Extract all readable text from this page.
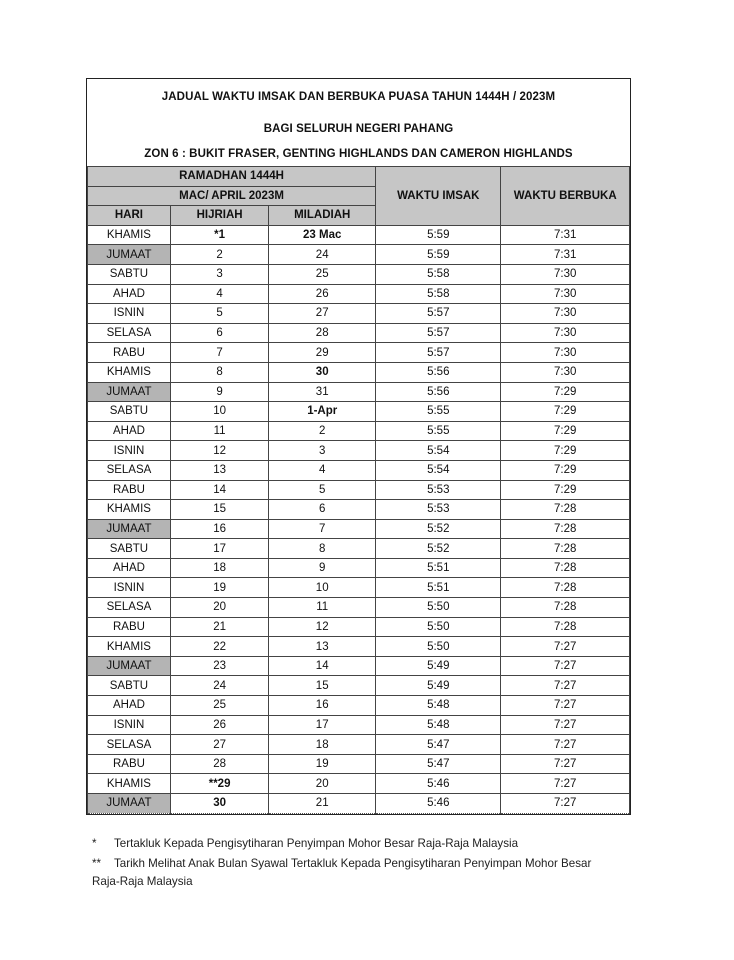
JADUAL WAKTU IMSAK DAN BERBUKA PUASA TAHUN 1444H / 2023M
BAGI SELURUH NEGERI PAHANG
ZON 6 : BUKIT FRASER, GENTING HIGHLANDS DAN CAMERON HIGHLANDS
RAMADHAN 1444H			WAKTU IMSAK	WAKTU BERBUKA
MAC/ APRIL 2023M				
HARI	HIJRIAH	MILADIAH		
KHAMIS	*1	23 Mac	5:59	7:31
JUMAAT	2	24	5:59	7:31
SABTU	3	25	5:58	7:30
AHAD	4	26	5:58	7:30
ISNIN	5	27	5:57	7:30
SELASA	6	28	5:57	7:30
RABU	7	29	5:57	7:30
KHAMIS	8	30	5:56	7:30
JUMAAT	9	31	5:56	7:29
SABTU	10	1-Apr	5:55	7:29
AHAD	11	2	5:55	7:29
ISNIN	12	3	5:54	7:29
SELASA	13	4	5:54	7:29
RABU	14	5	5:53	7:29
KHAMIS	15	6	5:53	7:28
JUMAAT	16	7	5:52	7:28
SABTU	17	8	5:52	7:28
AHAD	18	9	5:51	7:28
ISNIN	19	10	5:51	7:28
SELASA	20	11	5:50	7:28
RABU	21	12	5:50	7:28
KHAMIS	22	13	5:50	7:27
JUMAAT	23	14	5:49	7:27
SABTU	24	15	5:49	7:27
AHAD	25	16	5:48	7:27
ISNIN	26	17	5:48	7:27
SELASA	27	18	5:47	7:27
RABU	28	19	5:47	7:27
KHAMIS	**29	20	5:46	7:27
JUMAAT	30	21	5:46	7:27

* Tertakluk Kepada Pengisytiharan Penyimpan Mohor Besar Raja-Raja Malaysia

** Tarikh Melihat Anak Bulan Syawal Tertakluk Kepada Pengisytiharan Penyimpan Mohor Besar Raja-Raja Malaysia
